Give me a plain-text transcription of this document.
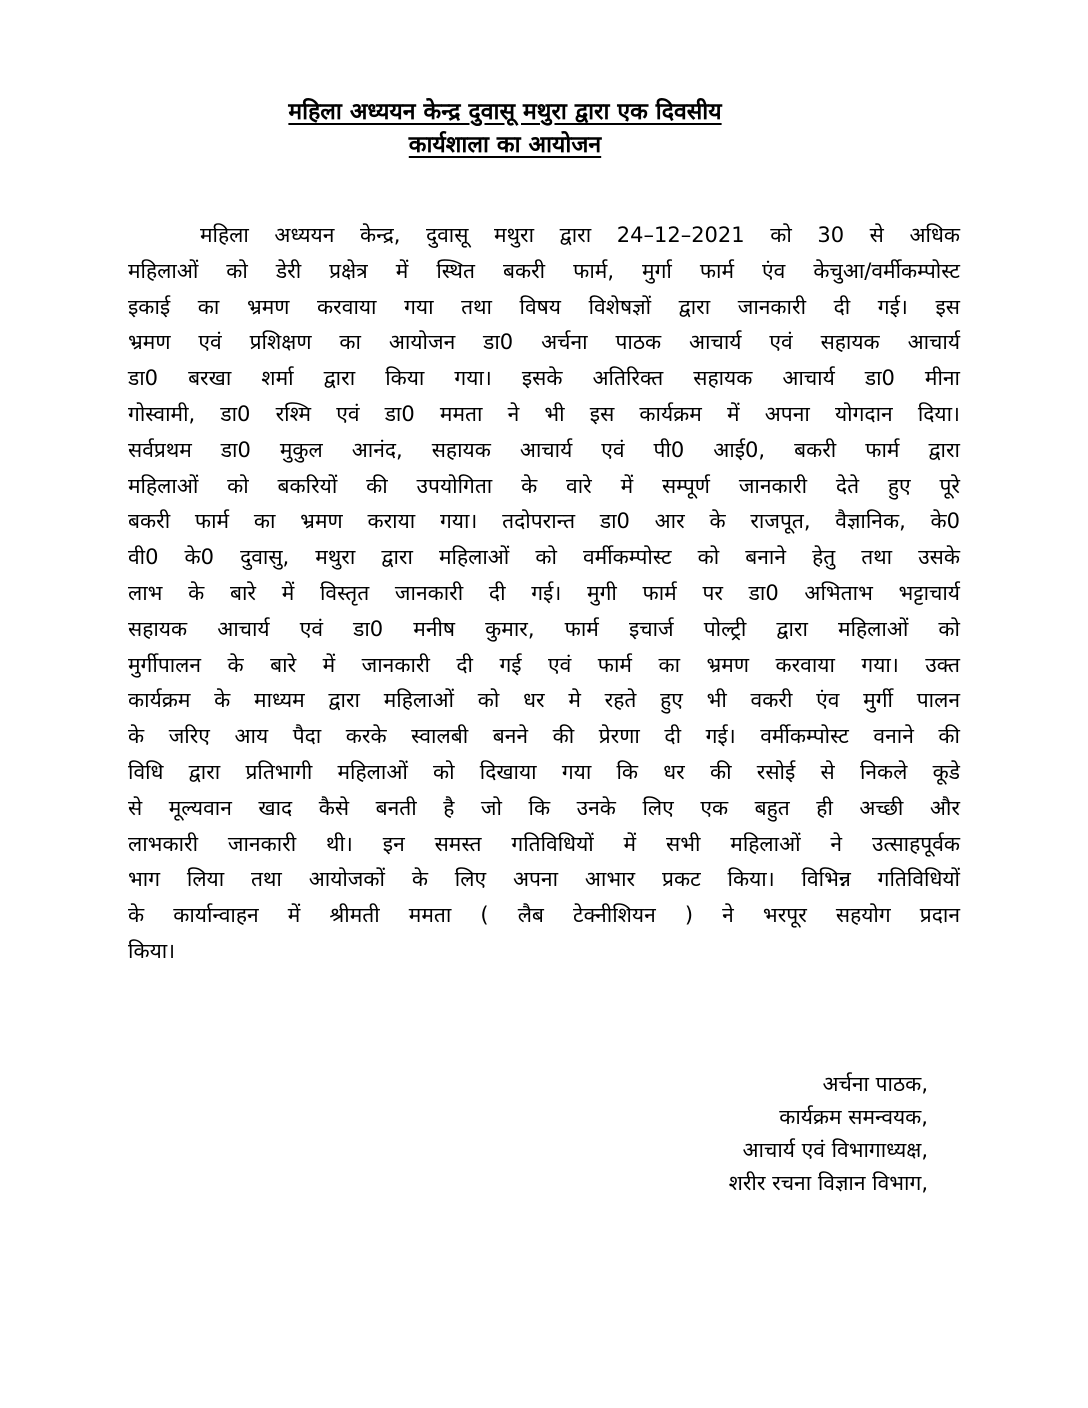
महिला अध्ययन केन्द्र दुवासू मथुरा द्वारा एक दिवसीय
कार्यशाला का आयोजन
महिला अध्ययन केन्द्र, दुवासू मथुरा द्वारा 24–12–2021 को 30 से अधिक
महिलाओं को डेरी प्रक्षेत्र में स्थित बकरी फार्म, मुर्गा फार्म एंव केचुआ/वर्मीकम्पोस्ट
इकाई का भ्रमण करवाया गया तथा विषय विशेषज्ञों द्वारा जानकारी दी गई। इस
भ्रमण एवं प्रशिक्षण का आयोजन डा0 अर्चना पाठक आचार्य एवं सहायक आचार्य
डा0 बरखा शर्मा द्वारा किया गया। इसके अतिरिक्त सहायक आचार्य डा0 मीना
गोस्वामी, डा0 रश्मि एवं डा0 ममता ने भी इस कार्यक्रम में अपना योगदान दिया।
सर्वप्रथम डा0 मुकुल आनंद, सहायक आचार्य एवं पी0 आई0, बकरी फार्म द्वारा
महिलाओं को बकरियों की उपयोगिता के वारे में सम्पूर्ण जानकारी देते हुए पूरे
बकरी फार्म का भ्रमण कराया गया। तदोपरान्त डा0 आर के राजपूत, वैज्ञानिक, के0
वी0 के0 दुवासु, मथुरा द्वारा महिलाओं को वर्मीकम्पोस्ट को बनाने हेतु तथा उसके
लाभ के बारे में विस्तृत जानकारी दी गई। मुगी फार्म पर डा0 अभिताभ भट्टाचार्य
सहायक आचार्य एवं डा0 मनीष कुमार, फार्म इचार्ज पोल्ट्री द्वारा महिलाओं को
मुर्गीपालन के बारे में जानकारी दी गई एवं फार्म का भ्रमण करवाया गया। उक्त
कार्यक्रम के माध्यम द्वारा महिलाओं को धर मे रहते हुए भी वकरी एंव मुर्गी पालन
के जरिए आय पैदा करके स्वालबी बनने की प्रेरणा दी गई। वर्मीकम्पोस्ट वनाने की
विधि द्वारा प्रतिभागी महिलाओं को दिखाया गया कि धर की रसोई से निकले कूडे
से मूल्यवान खाद कैसे बनती है जो कि उनके लिए एक बहुत ही अच्छी और
लाभकारी जानकारी थी। इन समस्त गतिविधियों में सभी महिलाओं ने उत्साहपूर्वक
भाग लिया तथा आयोजकों के लिए अपना आभार प्रकट किया। विभिन्न गतिविधियों
के कार्यान्वाहन में श्रीमती ममता ( लैब टेक्नीशियन ) ने भरपूर सहयोग प्रदान
किया।
अर्चना पाठक,
कार्यक्रम समन्वयक,
आचार्य एवं विभागाध्यक्ष,
शरीर रचना विज्ञान विभाग,
